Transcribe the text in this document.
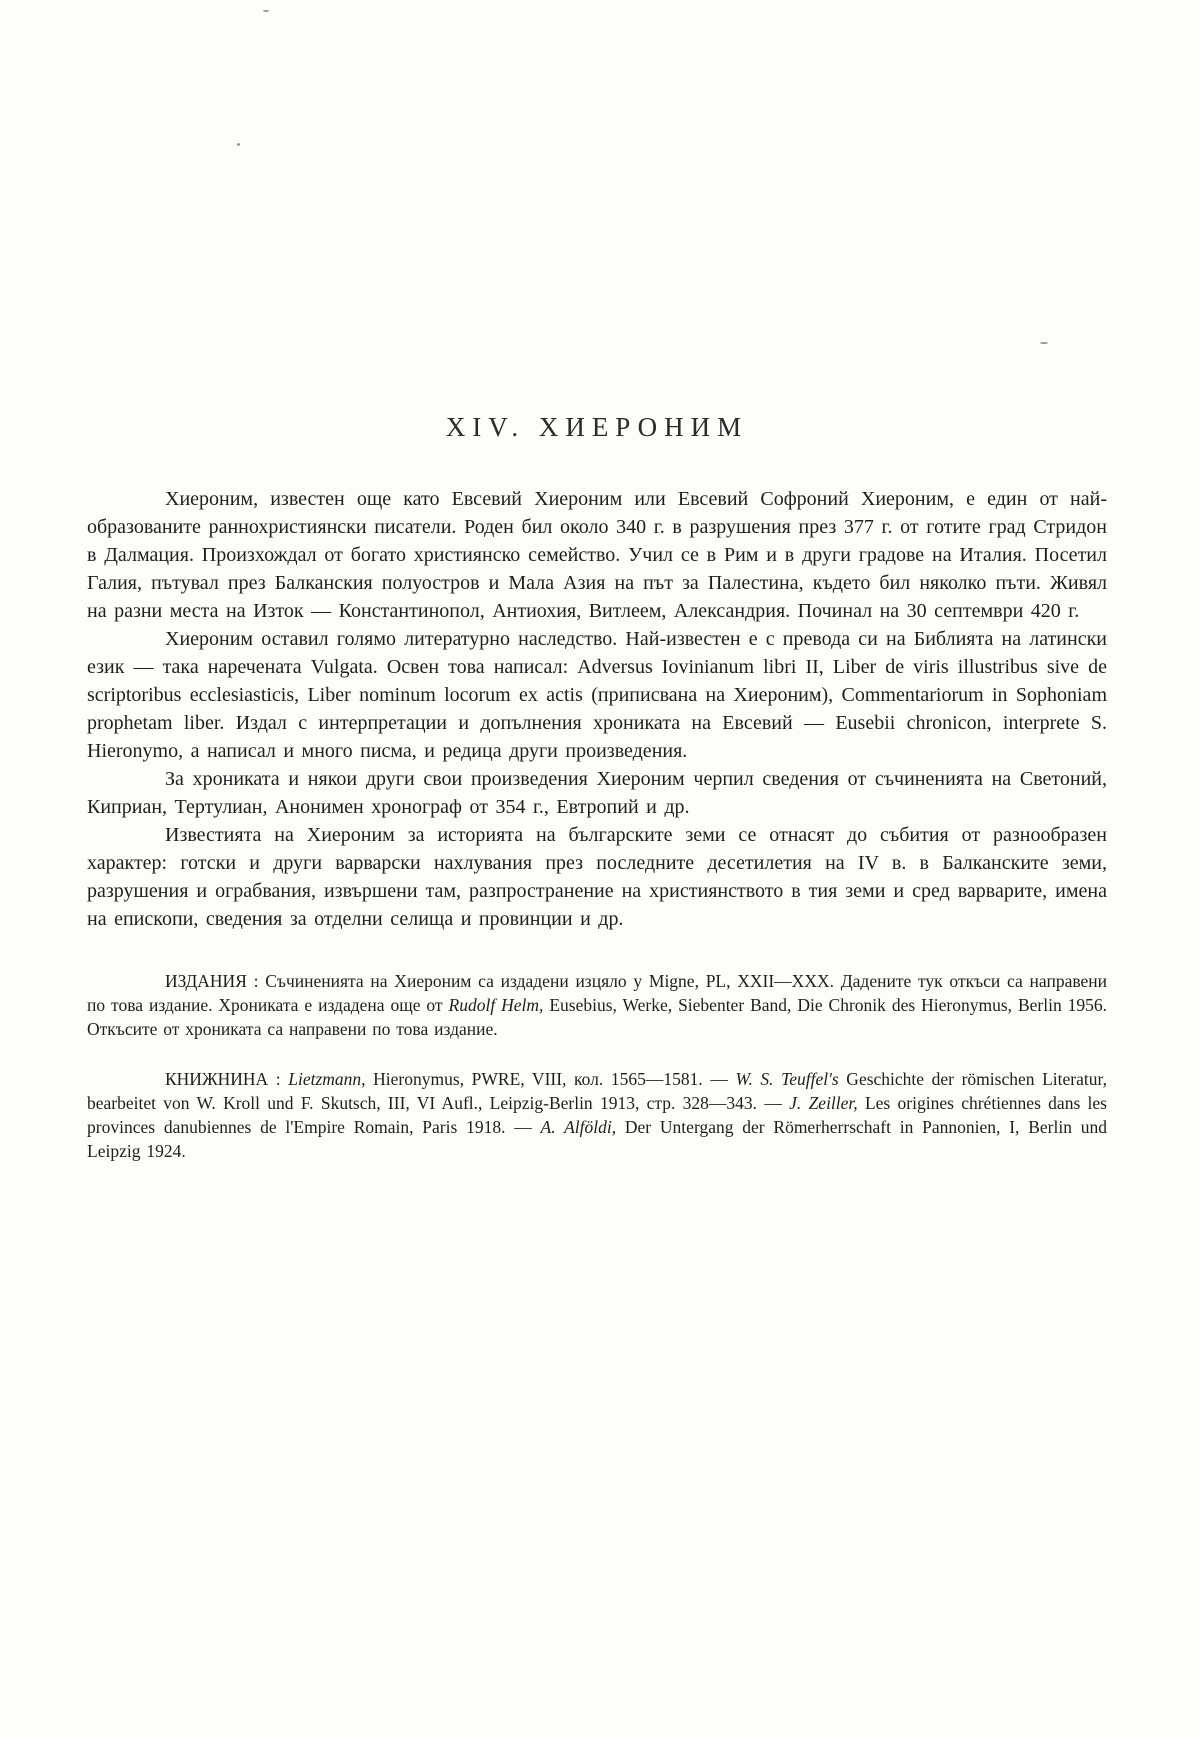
XIV. ХИЕРОНИМ

Хиероним, известен още като Евсевий Хиероним или Евсевий Софроний Хиероним, е един от най-образованите раннохристиянски писатели. Роден бил около 340 г. в разрушения през 377 г. от готите град Стридон в Далмация. Произхождал от богато християнско семейство. Учил се в Рим и в други градове на Италия. Посетил Галия, пътувал през Балканския полуостров и Мала Азия на път за Палестина, където бил няколко пъти. Живял на разни места на Изток — Константинопол, Антиохия, Витлеем, Александрия. Починал на 30 септември 420 г.

Хиероним оставил голямо литературно наследство. Най-известен е с превода си на Библията на латински език — така наречената Vulgata. Освен това написал: Adversus Iovinianum libri II, Liber de viris illustribus sive de scriptoribus ecclesiasticis, Liber nominum locorum ex actis (приписвана на Хиероним), Commentariorum in Sophoniam prophetam liber. Издал с интерпретации и допълнения хрониката на Евсевий — Eusebii chronicon, interprete S. Hieronymo, а написал и много писма, и редица други произведения.

За хрониката и някои други свои произведения Хиероним черпил сведения от съчиненията на Светоний, Киприан, Тертулиан, Анонимен хронограф от 354 г., Евтропий и др.

Известията на Хиероним за историята на българските земи се отнасят до събития от разнообразен характер: готски и други варварски нахлувания през последните десетилетия на IV в. в Балканските земи, разрушения и ограбвания, извършени там, разпространение на християнството в тия земи и сред варварите, имена на епископи, сведения за отделни селища и провинции и др.

ИЗДАНИЯ : Съчиненията на Хиероним са издадени изцяло у Migne, PL, XXII—XXX. Дадените тук откъси са направени по това издание. Хрониката е издадена още от Rudolf Helm, Eusebius, Werke, Siebenter Band, Die Chronik des Hieronymus, Berlin 1956. Откъсите от хрониката са направени по това издание.

КНИЖНИНА : Lietzmann, Hieronymus, PWRE, VIII, кол. 1565—1581. — W. S. Teuffel's Geschichte der römischen Literatur, bearbeitet von W. Kroll und F. Skutsch, III, VI Aufl., Leipzig-Berlin 1913, стр. 328—343. — J. Zeiller, Les origines chrétiennes dans les provinces danubiennes de l'Empire Romain, Paris 1918. — A. Alföldi, Der Untergang der Römerherrschaft in Pannonien, I, Berlin und Leipzig 1924.
